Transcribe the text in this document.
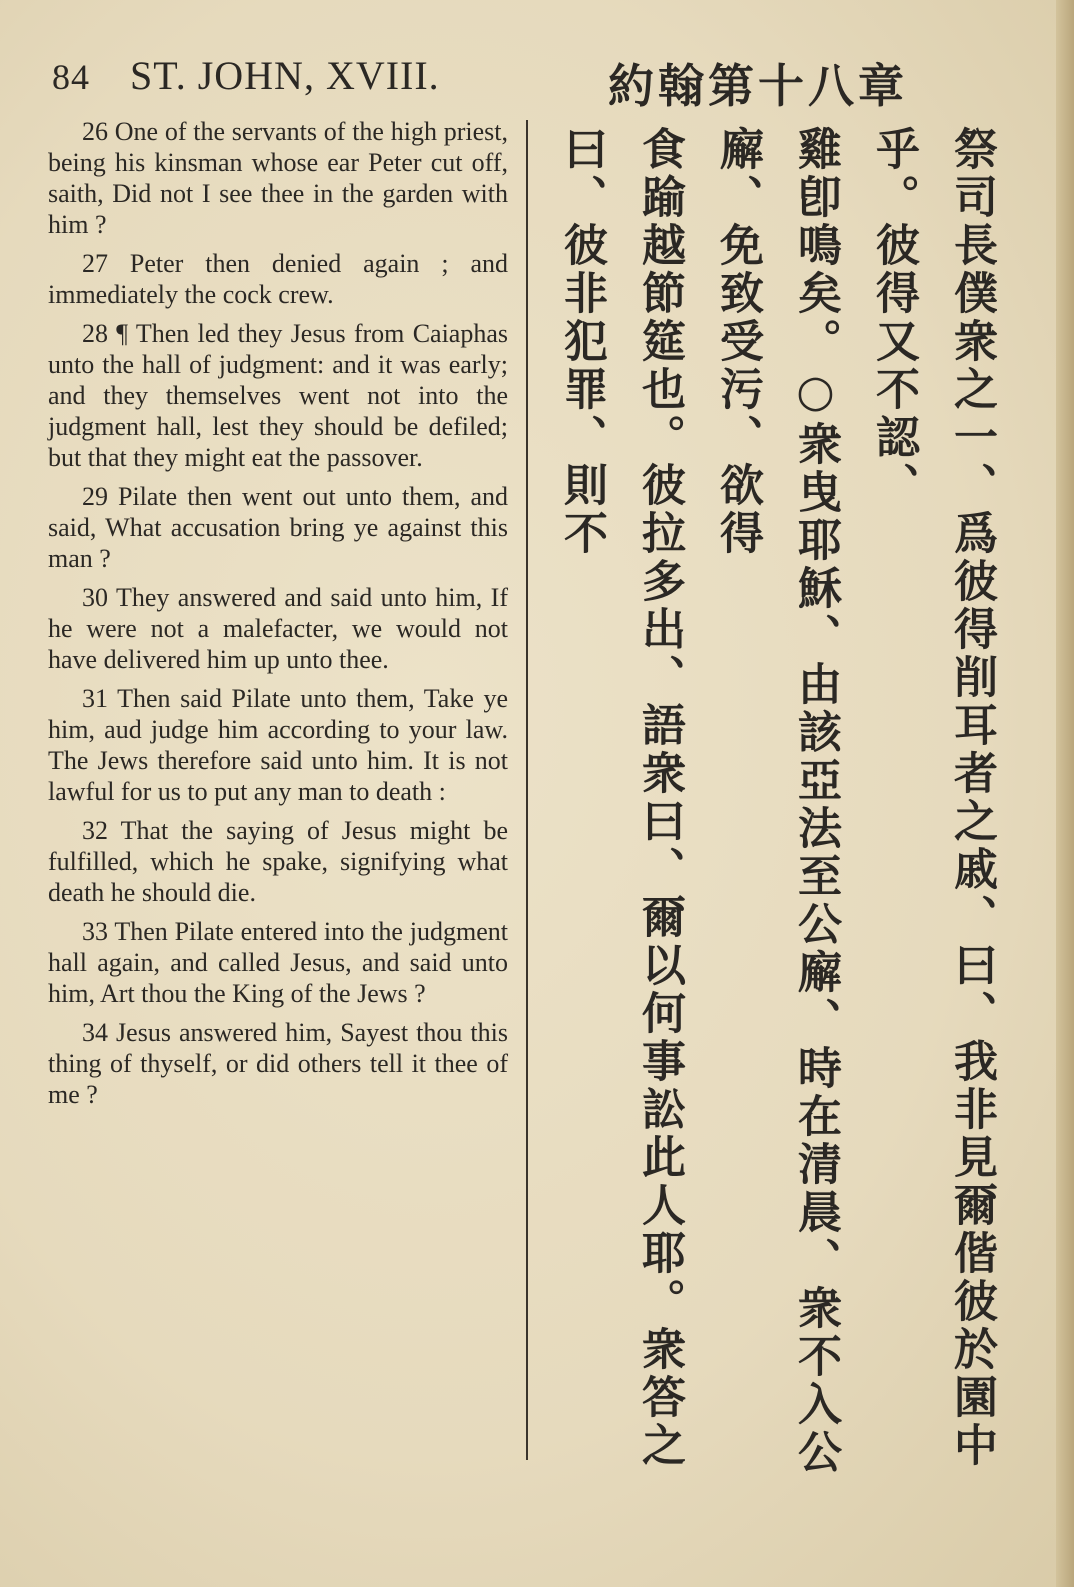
84 ST. JOHN, XVIII.	約翰第十八章

26 One of the servants of the high priest, being his kinsman whose ear Peter cut off, saith, Did not I see thee in the garden with him ?

27 Peter then denied again ; and immediately the cock crew.

28 ¶ Then led they Jesus from Caiaphas unto the hall of judgment: and it was early; and they themselves went not into the judgment hall, lest they should be defiled; but that they might eat the passover.

29 Pilate then went out unto them, and said, What accusation bring ye against this man ?

30 They answered and said unto him, If he were not a malefacter, we would not have delivered him up unto thee.

31 Then said Pilate unto them, Take ye him, aud judge him according to your law. The Jews therefore said unto him. It is not lawful for us to put any man to death :

32 That the saying of Jesus might be fulfilled, which he spake, signifying what death he should die.

33 Then Pilate entered into the judgment hall again, and called Jesus, and said unto him, Art thou the King of the Jews ?

34 Jesus answered him, Sayest thou this thing of thyself, or did others tell it thee of me ?	祭司長僕衆之一、爲彼得削耳者之戚、曰、我非見爾偕彼於園中乎。彼得又不認、
雞卽鳴矣。○衆曳耶穌、由該亞法至公廨、時在清晨、衆不入公廨、免致受污、欲得
食踰越節筵也。彼拉多出、語衆曰、爾以何事訟此人耶。衆答之曰、彼非犯罪、則不
